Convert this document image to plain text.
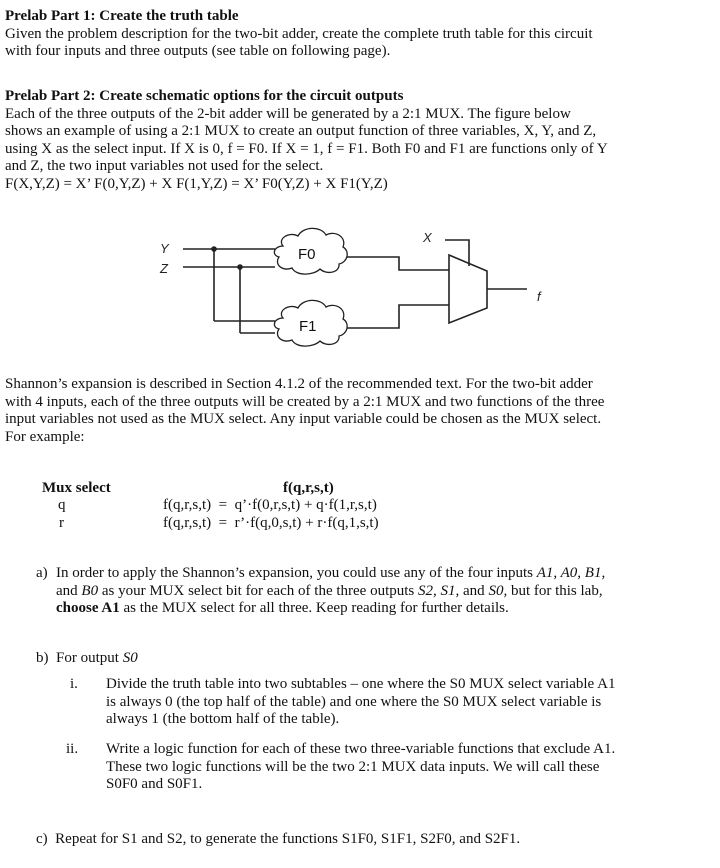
Prelab Part 1: Create the truth table

Given the problem description for the two-bit adder, create the complete truth table for this circuit

with four inputs and three outputs (see table on following page).

Prelab Part 2: Create schematic options for the circuit outputs

Each of the three outputs of the 2-bit adder will be generated by a 2:1 MUX. The figure below

shows an example of using a 2:1 MUX to create an output function of three variables, X, Y, and Z,

using X as the select input. If X is 0, f = F0. If X = 1, f = F1. Both F0 and F1 are functions only of Y

and Z, the two input variables not used for the select.

F(X,Y,Z) = X’ F(0,Y,Z) + X F(1,Y,Z) = X’ F0(Y,Z) + X F1(Y,Z)

F0
F1
Y
Z
X
f

Shannon’s expansion is described in Section 4.1.2 of the recommended text. For the two-bit adder

with 4 inputs, each of the three outputs will be created by a 2:1 MUX and two functions of the three

input variables not used as the MUX select. Any input variable could be chosen as the MUX select.

For example:

Mux select	f(q,r,s,t)
q
r
f(q,r,s,t)  =  q’·f(0,r,s,t) + q·f(1,r,s,t)
f(q,r,s,t)  =  r’·f(q,0,s,t) + r·f(q,1,s,t)
a) In order to apply the Shannon’s expansion, you could use any of the four inputs A1, A0, B1,

and B0 as your MUX select bit for each of the three outputs S2, S1, and S0, but for this lab,

choose A1 as the MUX select for all three. Keep reading for further details.

b) For output S0
i. Divide the truth table into two subtables – one where the S0 MUX select variable A1

is always 0 (the top half of the table) and one where the S0 MUX select variable is

always 1 (the bottom half of the table).

ii. Write a logic function for each of these two three-variable functions that exclude A1.

These two logic functions will be the two 2:1 MUX data inputs. We will call these

S0F0 and S0F1.

c) Repeat for S1 and S2, to generate the functions S1F0, S1F1, S2F0, and S2F1.
